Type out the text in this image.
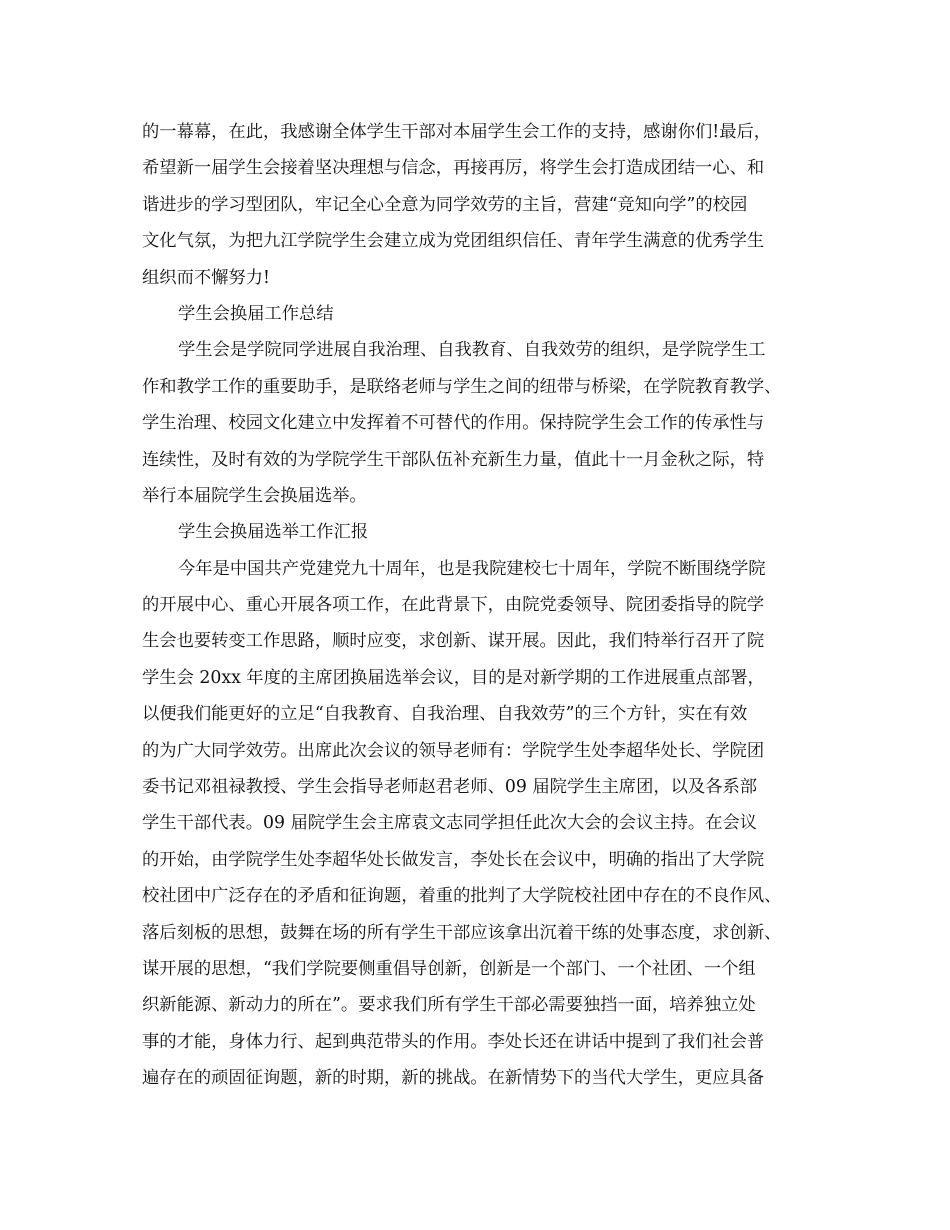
的一幕幕，在此，我感谢全体学生干部对本届学生会工作的支持，感谢你们!最后，
希望新一届学生会接着坚决理想与信念，再接再厉，将学生会打造成团结一心、和
谐进步的学习型团队，牢记全心全意为同学效劳的主旨，营建“竞知向学”的校园
文化气氛，为把九江学院学生会建立成为党团组织信任、青年学生满意的优秀学生
组织而不懈努力!
学生会换届工作总结
学生会是学院同学进展自我治理、自我教育、自我效劳的组织，是学院学生工
作和教学工作的重要助手，是联络老师与学生之间的纽带与桥梁，在学院教育教学、
学生治理、校园文化建立中发挥着不可替代的作用。保持院学生会工作的传承性与
连续性，及时有效的为学院学生干部队伍补充新生力量，值此十一月金秋之际，特
举行本届院学生会换届选举。
学生会换届选举工作汇报
今年是中国共产党建党九十周年，也是我院建校七十周年，学院不断围绕学院
的开展中心、重心开展各项工作，在此背景下，由院党委领导、院团委指导的院学
生会也要转变工作思路，顺时应变，求创新、谋开展。因此，我们特举行召开了院
学生会 20xx 年度的主席团换届选举会议，目的是对新学期的工作进展重点部署，
以便我们能更好的立足“自我教育、自我治理、自我效劳”的三个方针，实在有效
的为广大同学效劳。出席此次会议的领导老师有：学院学生处李超华处长、学院团
委书记邓祖禄教授、学生会指导老师赵君老师、09 届院学生主席团，以及各系部
学生干部代表。09 届院学生会主席袁文志同学担任此次大会的会议主持。在会议
的开始，由学院学生处李超华处长做发言，李处长在会议中，明确的指出了大学院
校社团中广泛存在的矛盾和征询题，着重的批判了大学院校社团中存在的不良作风、
落后刻板的思想，鼓舞在场的所有学生干部应该拿出沉着干练的处事态度，求创新、
谋开展的思想，“我们学院要侧重倡导创新，创新是一个部门、一个社团、一个组
织新能源、新动力的所在”。要求我们所有学生干部必需要独挡一面，培养独立处
事的才能，身体力行、起到典范带头的作用。李处长还在讲话中提到了我们社会普
遍存在的顽固征询题，新的时期，新的挑战。在新情势下的当代大学生，更应具备
